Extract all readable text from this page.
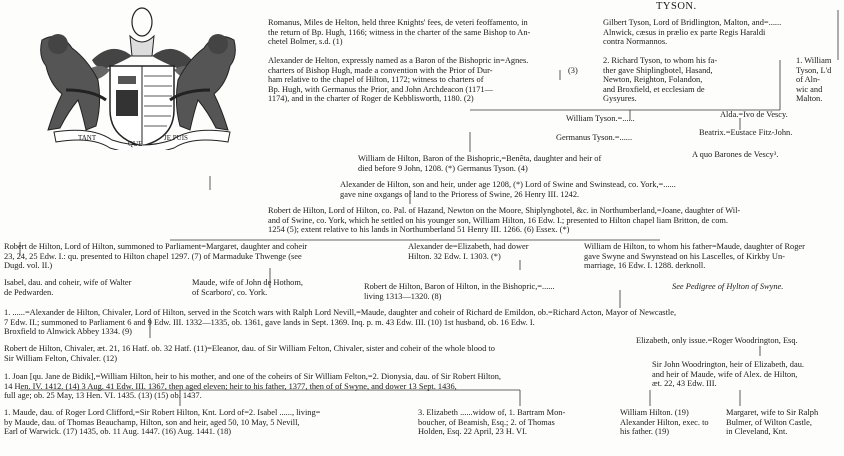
TANT
QUE
JE PUIS
TYSON.
Romanus, Miles de Helton, held three Knights' fees, de veteri feoffamento, in
the return of Bp. Hugh, 1166; witness in the charter of the same Bishop to An-
chetel Bolmer, s.d. (1)
Gilbert Tyson, Lord of Bridlington, Malton, and=......
Alnwick, cæsus in prælio ex parte Regis Haraldi
contra Normannos.
Alexander de Helton, expressly named as a Baron of the Bishopric in=Agnes.
charters of Bishop Hugh, made a convention with the Prior of Dur-
ham relative to the chapel of Hilton, 1172; witness to charters of
Bp. Hugh, with Germanus the Prior, and John Archdeacon (1171—
1174), and in the charter of Roger de Kebblisworth, 1180. (2)
(3)
2. Richard Tyson, to whom his fa-
ther gave Shiplingbotel, Hasand,
Newton, Reighton, Folandon,
and Broxfield, et ecclesiam de
Gysyures.
1. William
Tyson, L'd
of Aln-
wic and
Malton.
Alda.=Ivo de Vescy.
William Tyson.=......
Beatrix.=Eustace Fitz-John.
Germanus Tyson.=......
A quo Barones de Vescy³.
William de Hilton, Baron of the Bishopric,=Benêta, daughter and heir of
died before 9 John, 1208. (*) Germanus Tyson. (4)
Alexander de Hilton, son and heir, under age 1208, (*) Lord of Swine and Swinstead, co. York,=......
gave nine oxgangs of land to the Prioress of Swine, 26 Henry III. 1242.
Robert de Hilton, Lord of Hilton, co. Pal. of Hazand, Newton on the Moore, Shiplyngbotel, &c. in Northumberland,=Joane, daughter of Wil-
and of Swine, co. York, which he settled on his younger son, William Hilton, 16 Edw. I.; presented to Hilton chapel liam Britton, de com.
1254 (5); extent relative to his lands in Northumberland 51 Henry III. 1266. (6) Essex. (*)
Robert de Hilton, Lord of Hilton, summoned to Parliament=Margaret, daughter and coheir
23, 24, 25 Edw. I.: qu. presented to Hilton chapel 1297. (7) of Marmaduke Thwenge (see
Dugd. vol. II.)
Alexander de=Elizabeth, had dower
Hilton. 32 Edw. I. 1303. (*)
William de Hilton, to whom his father=Maude, daughter of Roger
gave Swyne and Swynstead on his Lascelles, of Kirkby Un-
marriage, 16 Edw. I. 1288. derknoll.
Isabel, dau. and coheir, wife of Walter
de Pedwarden.
Maude, wife of John de Hothom,
of Scarboro', co. York.
Robert de Hilton, Baron of Hilton, in the Bishopric,=......
living 1313—1320. (8)
See Pedigree of Hylton of Swyne.
1. ......=Alexander de Hilton, Chivaler, Lord of Hilton, served in the Scotch wars with Ralph Lord Nevill,=Maude, daughter and coheir of Richard de Emildon, ob.=Richard Acton, Mayor of Newcastle,
7 Edw. II.; summoned to Parliament 6 and 9 Edw. III. 1332—1335, ob. 1361, gave lands in Sept. 1369. Inq. p. m. 43 Edw. III. (10) 1st husband, ob. 16 Edw. I.
Broxfield to Alnwick Abbey 1334. (9)
Robert de Hilton, Chivaler, æt. 21, 16 Hatf. ob. 32 Hatf. (11)=Eleanor, dau. of Sir William Felton, Chivaler, sister and coheir of the whole blood to
Sir William Felton, Chivaler. (12)
Elizabeth, only issue.=Roger Woodrington, Esq.
Sir John Woodrington, heir of Elizabeth, dau.
and heir of Maude, wife of Alex. de Hilton,
æt. 22, 43 Edw. III.
1. Joan [qu. Jane de Bidik],=William Hilton, heir to his mother, and one of the coheirs of Sir William Felton,=2. Dionysia, dau. of Sir Robert Hilton,
14 Hen. IV. 1412. (14) 3 Aug. 41 Edw. III. 1367, then aged eleven; heir to his father, 1377, then of of Swyne, and dower 13 Sept. 1436,
full age; ob. 25 May, 13 Hen. VI. 1435. (13) (15) ob. 1437.
1. Maude, dau. of Roger Lord Clifford,=Sir Robert Hilton, Knt. Lord of=2. Isabel ......, living=
by Maude, dau. of Thomas Beauchamp, Hilton, son and heir, aged 50, 10 May, 5 Nevill,
Earl of Warwick. (17) 1435, ob. 11 Aug. 1447. (16) Aug. 1441. (18)
3. Elizabeth ......widow of, 1. Bartram Mon-
boucher, of Beamish, Esq.; 2. of Thomas
Holden, Esq. 22 April, 23 H. VI.
William Hilton. (19)
Alexander Hilton, exec. to
his father. (19)
Margaret, wife to Sir Ralph
Bulmer, of Wilton Castle,
in Cleveland, Knt.
